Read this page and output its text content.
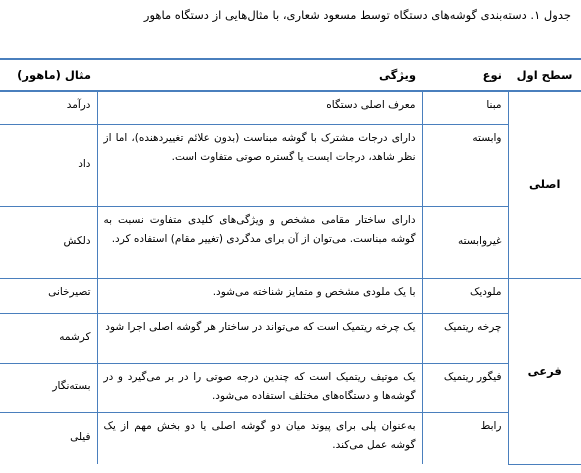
جدول ۱. دسته‌بندی گوشه‌های دستگاه توسط مسعود شعاری، با مثال‌هایی از دستگاه ماهور
سطح اول	نوع	ویژگی	مثال (ماهور)
اصلی	مبنا	معرف اصلی دستگاه	درآمد
	وابسته	دارای درجات مشترک با گوشه مبناست (بدون علائم تغییردهنده)، اما از نظر شاهد، درجات ایست یا گستره صوتی متفاوت است.	داد
	غیروابسته	دارای ساختار مقامی مشخص و ویژگی‌های کلیدی متفاوت نسبت به گوشه مبناست. می‌توان از آن برای مدگردی (تغییر مقام) استفاده کرد.	دلکش
فرعی	ملودیک	با یک ملودی مشخص و متمایز شناخته می‌شود.	تصیرخانی
	چرخه ریتمیک	یک چرخه ریتمیک است که می‌تواند در ساختار هر گوشه اصلی اجرا شود	کرشمه
	فیگور ریتمیک	یک موتیف ریتمیک است که چندین درجه صوتی را در بر می‌گیرد و در گوشه‌ها و دستگاه‌های مختلف استفاده می‌شود.	بسته‌نگار
	رابط	به‌عنوان پلی برای پیوند میان دو گوشه اصلی یا دو بخش مهم از یک گوشه عمل می‌کند.	فیلی
